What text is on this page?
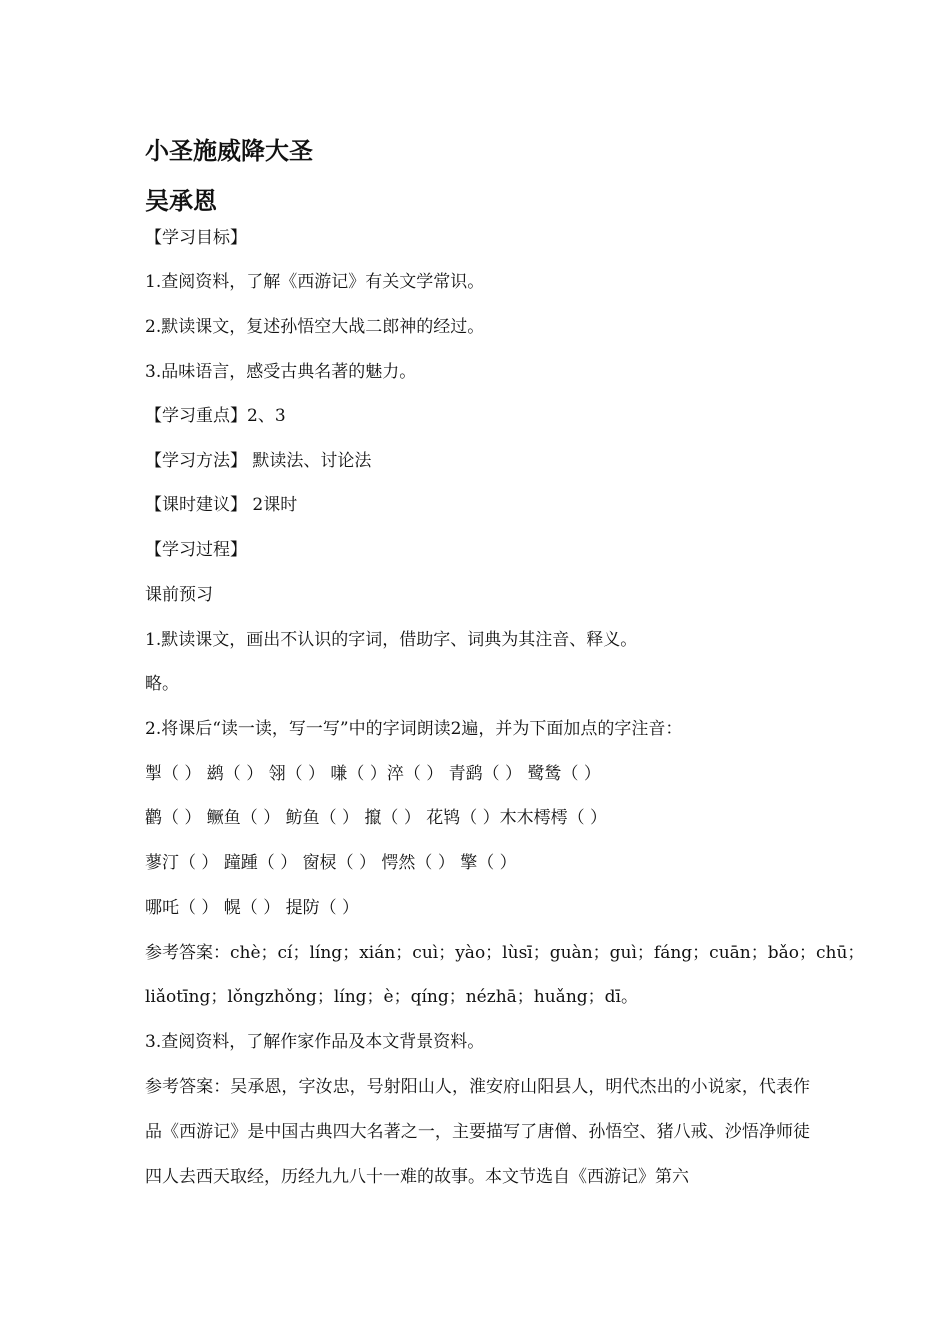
小圣施威降大圣
吴承恩
【学习目标】
1.查阅资料，了解《西游记》有关文学常识。
2.默读课文，复述孙悟空大战二郎神的经过。
3.品味语言，感受古典名著的魅力。
【学习重点】2、3
【学习方法】 默读法、讨论法
【课时建议】 2课时
【学习过程】
课前预习
1.默读课文，画出不认识的字词，借助字、词典为其注音、释义。
略。
2.将课后“读一读，写一写”中的字词朗读2遍，并为下面加点的字注音：
掣（ ） 鹚（ ） 翎（ ） 嗛（ ）淬（ ） 青鹞（ ） 鹭鸶（ ）
鹳（ ） 鳜鱼（ ） 鲂鱼（ ） 攛（ ） 花鸨（ ）木木樗樗（ ）
蓼汀（ ） 蹱踵（ ） 窗棂（ ） 愕然（ ） 擎（ ）
哪吒（ ） 幌（ ） 提防（ ）
参考答案：chè；cí；líng；xián；cuì；yào；lùsī；guàn；guì；fáng；cuān；bǎo；chū；
liǎotīng；lǒngzhǒng；líng；è；qíng；nézhā；huǎng；dī。
3.查阅资料，了解作家作品及本文背景资料。
参考答案：吴承恩，字汝忠，号射阳山人，淮安府山阳县人，明代杰出的小说家，代表作品《西游记》是中国古典四大名著之一，主要描写了唐僧、孙悟空、猪八戒、沙悟净师徒四人去西天取经，历经九九八十一难的故事。本文节选自《西游记》第六
